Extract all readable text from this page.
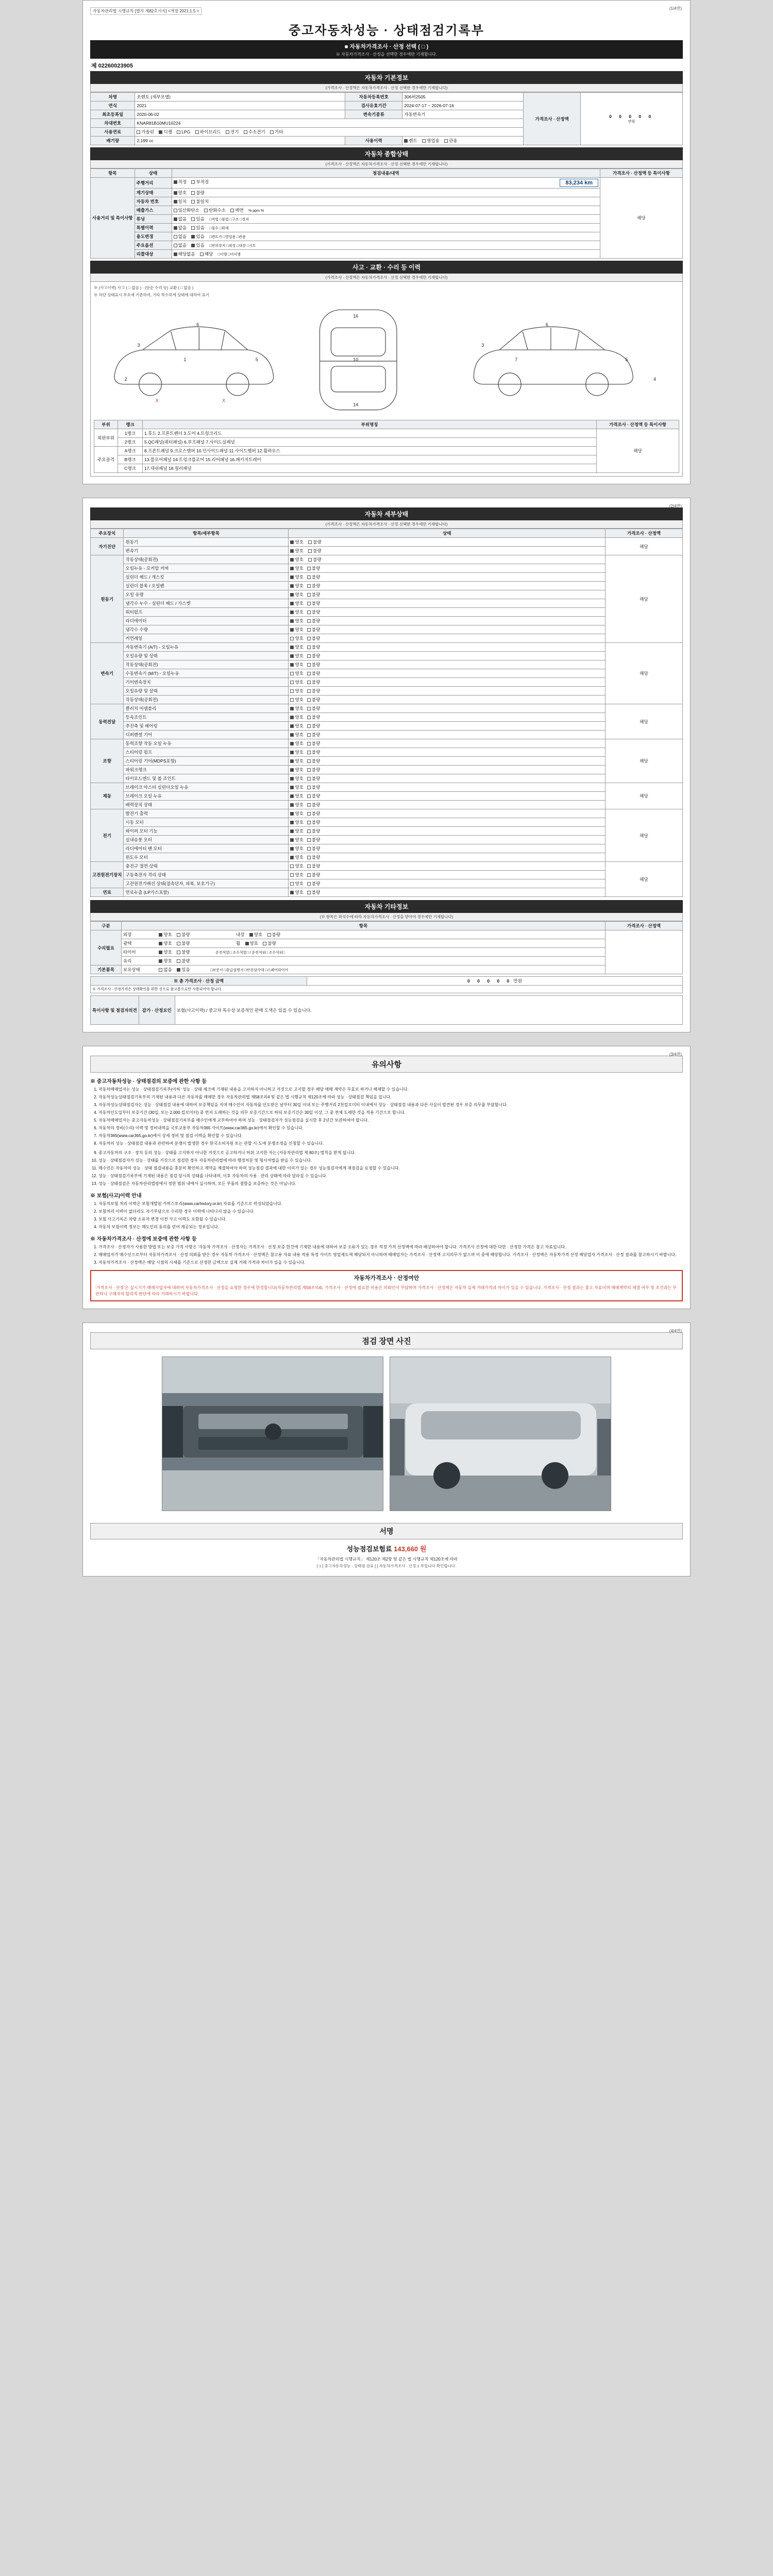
자동차관리법 시행규칙 [별지 제82호서식] <개정 2021.1.5.>
(1/4면)
중고자동차성능 · 상태점검기록부
■ 자동차가격조사 · 산정 선택 ( □ )
※ 자동차가격조사 · 산정을 선택한 경우에만 기재합니다.
제 02260023905
자동차 기본정보
(가격조사 · 산정액은 자동차가격조사 · 산정 선택한 경우에만 기재합니다)
차명	쏘렌토 (세부모델)	자동차등록번호	306허2505	가격조사 · 산정액	0 0 0 0 0
만원

연식	2021	검사유효기간	2024-07-17 ~ 2026-07-16		
최초등록일	2020-06-02	변속기종류	자동변속기		
차대번호	KNAR81B10MU10224				
사용연료	가솔린 디젤 LPG 하이브리드 전기 수소전기 기타				
배기량	2,199 cc	사용이력	렌트 영업용 관용		
자동차 종합상태
(가격조사 · 산정액은 자동차가격조사 · 산정 선택한 경우에만 기재합니다)
항목	상태	점검내용/내역	가격조사 · 산정액 등 특이사항
사용거리 및 특이사항	주행거리	적정 부적정 83,234 km	해당
	계기상태	양호 불량	
	자동차 번호	일치 불일치	
	배출가스	일산화탄소 탄화수소 매연 % ppm %	
	튜닝	없음 있음 □적법 □불법 □구조 □장치	
	특별이력	없음 있음 □침수 □화재	
	용도변경	없음 있음 □렌트카 □영업용 □관용	
	주요옵션	없음 있음 □편의장치 □외장 □내장 □시트	
	리콜대상	해당없음 해당 □이행 □미이행	
사고 · 교환 · 수리 등 이력
(가격조사 · 산정액은 자동차가격조사 · 산정 선택한 경우에만 기재합니다)
※ (사고이력) 사고 ( □ 없음 ) · (단순 수리 등) 교환 ( □ 없음 )
※ 하단 상태표시 부호에 기준하여, 기타 특수하게 상태에 대하여 표기
3
6
5
2
1
16
10
14
3
6
5
4
7
X	X
부위	랭크	부위명칭	가격조사 · 산정액 등 특이사항
외판부위	1랭크	1.후드 2.프론트펜더 3.도어 4.트렁크리드	해당
	2랭크	5.QC패널(쿼터패널) 6.루프패널 7.사이드실패널	
주요골격	A랭크	8.프론트패널 9.크로스맴버 10.인사이드패널 11.사이드멤버 12.휠하우스	
	B랭크	13.플로어패널 14.트렁크플로어 15.리어패널 16.패키지트레이	
	C랭크	17.대쉬패널 18.필러패널	
(2/4면)
자동차 세부상태
(가격조사 · 산정액은 자동차가격조사 · 산정 선택한 경우에만 기재합니다)
주요장치	항목/세부항목	상태	가격조사 · 산정액
자기진단	원동기	양호 불량	해당
	변속기	양호 불량	
원동기	작동상태(공회전)	양호 불량	해당
	오일누유 - 로커암 커버	양호 불량	
	실린더 헤드 / 개스킷	양호 불량	
	실린더 블록 / 오일팬	양호 불량	
	오일 유량	양호 불량	
	냉각수 누수 - 실린더 헤드 / 가스켓	양호 불량	
	워터펌프	양호 불량	
	라디에이터	양호 불량	
	냉각수 수량	양호 불량	
	커먼레일	양호 불량	
변속기	자동변속기 (A/T) - 오일누유	양호 불량	해당
	오일유량 및 상태	양호 불량	
	작동상태(공회전)	양호 불량	
	수동변속기 (M/T) - 오일누유	양호 불량	
	기어변속장치	양호 불량	
	오일유량 및 상태	양호 불량	
	작동상태(공회전)	양호 불량	
동력전달	클러치 어셈블리	양호 불량	해당
	등속조인트	양호 불량	
	추진축 및 베어링	양호 불량	
	디퍼렌셜 기어	양호 불량	
조향	동력조향 작동 오일 누유	양호 불량	해당
	스티어링 펌프	양호 불량	
	스티어링 기어(MDPS포함)	양호 불량	
	파워크랭크	양호 불량	
	타이로드엔드 및 볼 조인트	양호 불량	
제동	브레이크 마스터 실린더오일 누유	양호 불량	해당
	브레이크 오일 누유	양호 불량	
	배력장치 상태	양호 불량	
전기	발전기 출력	양호 불량	해당
	시동 모터	양호 불량	
	와이퍼 모터 기능	양호 불량	
	실내송풍 모터	양호 불량	
	라디에이터 팬 모터	양호 불량	
	윈도우 모터	양호 불량	
고전원전기장치	충전구 절연 상태	양호 불량	해당
	구동축전지 격리 상태	양호 불량	
	고전원전기배선 상태(접속단자, 피복, 보호기구)	양호 불량	
연료	연료누출 (LP가스포함)	양호 불량	
자동차 기타정보
(※ 항목은 좌석수에 따라 자동차가격조사 · 산정을 받아야 경우에만 기재합니다)
구분	항목	가격조사 · 산정액
수리필요	외장 양호 불량 내장 양호 불량	
	광택 양호 불량 휠 양호 불량	
	타이어 양호 불량 운전석앞□ 조수석앞□ / 운전석뒤□ 조수석뒤□	
	유리 양호 불량	
기본품목	보유상태 없음 있음 □보증서 □취급설명서 □안전삼각대 □스페어타이어	
※ 총 가격조사 · 산정 금액	0 0 0 0 0 만원
※ 가격조사 · 산정가격은 상태확인을 위한 것으로 참고용으로만 사용되어야 합니다.
특이사항 및 점검자의견	감가 · 산정요인	보험(사고이력) / 중고차 특수상 보증적인 판매 도색은 있을 수 있습니다.
(3/4면)
유의사항
※ 중고자동차성능 · 상태점검의 보증에 관한 사항 등
1. 자동차매매업자는 성능 · 상태점검기록부(이하 ‘성능 · 상태 체크에 기재된 내용을 고지하지 아니하고 거짓으로 고지할 경우 해당 매매 계약은 무효로 하거나 해제할 수 있습니다.
2. 자동차성능상태점검기록부의 기재된 내용과 다른 자동차를 매매한 경우 자동차관리법 제58조의4 및 같은 법 시행규칙 제120조에 따라 성능 · 상태점검 책임을 집니다.
3. 자동차성능상태점검자는 성능 · 상태점검 내용에 대하여 보증책임을 지며 매수인이 자동차를 인도받은 날부터 30일 이내 또는 주행거리 2천킬로미터 이내에서 성능 · 상태점검 내용과 다른 사실이 발견된 경우 보증 의무를 부담합니다.
4. 자동차인도일부터 보증기간 (30일, 또는 2,000 킬로미터) 중 먼저 도래하는 것을 의무 보증기간으로 하되 보증기간은 30일 이상, 그 중 전체 도래한 것을 적용 기간으로 합니다.
5. 자동차매매업자는 중고자동차성능 · 상태점검기록부를 매수인에게 교부하여야 하며 성능 · 상태점검자가 성능점검을 실시한 후 2년간 보관하여야 합니다.
6. 자동차의 정비(수리) 이력 및 정비내역을 국토교통부 자동차365 사이트(www.car365.go.kr)에서 확인할 수 있습니다.
7. 자동차365(www.car365.go.kr)에서 상세 정비 및 점검 이력을 확인할 수 있습니다.
8. 자동차의 성능 · 상태점검 내용과 관련하여 분쟁이 발생한 경우 한국소비자원 또는 관할 시·도에 분쟁조정을 신청할 수 있습니다.
9. 중고자동차의 구조 · 장치 등의 성능 · 상태를 고지하지 아니한 거짓으로 공고하거나 허위 고지한 자는 (자동차관리법 제 80조) 벌칙을 받게 됩니다.
10. 성능 · 상태점검자가 성능 · 상태를 거짓으로 점검한 경우 자동차관리법에 따라 행정처분 및 형사처벌을 받을 수 있습니다.
11. 매수인은 자동차의 성능 · 상태 점검내용을 충분히 확인하고 계약을 체결하여야 하며 성능점검 결과에 대한 이의가 있는 경우 성능점검자에게 재점검을 요청할 수 있습니다.
12. 성능 · 상태점검기록부에 기재된 내용은 점검 당시의 상태를 나타내며, 이후 자동차의 사용 · 관리 상태에 따라 달라질 수 있습니다.
13. 성능 · 상태점검은 자동차관리법령에서 정한 범위 내에서 실시하며, 모든 부품의 결함을 보증하는 것은 아닙니다.
※ 보험(사고)이력 안내
1. 자동차보험 처리 이력은 보험개발원 카히스토리(www.carhistory.or.kr) 자료를 기준으로 작성되었습니다.
2. 보험처리 이력이 없더라도 자기부담으로 수리한 경우 이력에 나타나지 않을 수 있습니다.
3. 보험 사고기록은 차량 소유자 변경 이전 사고 이력도 포함될 수 있습니다.
4. 자동차 보험이력 정보는 매도인의 동의를 얻어 제공되는 정보입니다.
※ 자동차가격조사 · 산정에 보증에 관한 사항 등
1. 가격조사 · 산정자가 사용한 방법 또는 보증 가격 사항은 ‘자동차 가격조사 · 산정자는 가격조사 · 산정 보증 한건에 기재한 내용에 대하여 보증 오류가 있는 경우 적정 가격 산정액에 따라 배상하여야 합니다. 가격조사 산정에 대한 다만 · 산정한 가격은 참고 자료입니다.
2. 매매업자가 매수인으로부터 자동차가격조사 · 산정 의뢰를 받은 경우 자동차 가격조사 · 산정액은 참고용 자료 내용 적용 특정 사이트 영업제도에 해당되지 아니하며 매매업자는 가격조사 · 산정액 고지의무가 없으며 이 중에 해당합니다. 가격조사 · 산정액은 자동차가격 산정 해당업자 가격조사 · 산정 결과를 참고하시기 바랍니다.
3. 자동차가격조사 · 산정액은 해당 시점의 시세를 기준으로 산정한 금액으로 실제 거래 가격과 차이가 있을 수 있습니다.
자동차가격조사 · 산정여안
‘가격조사 · 산정’은 실시기가 매매사업자에 대하여 자동차가격조사 · 산정을 요청한 경우에 한정합니다(자동차관리법 제58조의4). 가격조사 · 산정에 필요한 비용은 의뢰인이 부담하며 가격조사 · 산정액은 자동차 실제 거래가격과 차이가 있을 수 있습니다. 가격조사 · 산정 결과는 참고 자료이며 매매계약의 체결 여부 및 조건과는 무관하니 구매자의 합리적 판단에 따라 거래하시기 바랍니다.
(4/4면)
점검 장면 사진

서명
성능점검보험료 143,660 원
「자동차관리법 시행규칙」 제120조 제2항 및 같은 법 시행규칙 제120조에 따라
[ 1 ] 중고자동차성능 · 상태점 검표 [ ] 자동차가격조사 · 산정 1 부입니다 확인합니다.
